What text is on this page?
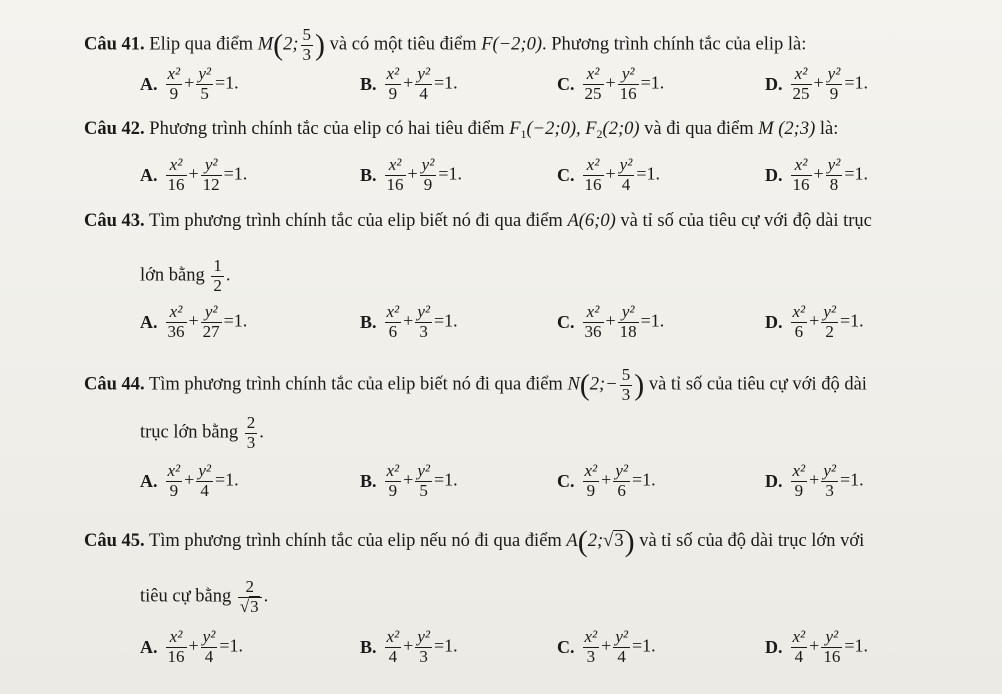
Câu 41. Elip qua điểm M(2; $\frac{5}{3}$ ) và có một tiêu điểm F(−2;0). Phương trình chính tắc của elip là:
A. $\frac{\text{x²}}{9} + \frac{\text{y²}}{5} =1$.	B. $\frac{\text{x²}}{9} + \frac{\text{y²}}{4} =1$.	C. $\frac{\text{x²}}{25} + \frac{\text{y²}}{16} =1$.	D. $\frac{\text{x²}}{25} + \frac{\text{y²}}{9} =1$.
Câu 42. Phương trình chính tắc của elip có hai tiêu điểm $F_1(-2;0)$, $F_2(2;0)$ và đi qua điểm M (2;3) là:
A. $\frac{\text{x²}}{16} + \frac{\text{y²}}{12} =1$.	B. $\frac{\text{x²}}{16} + \frac{\text{y²}}{9} =1$.	C. $\frac{\text{x²}}{16} + \frac{\text{y²}}{4} =1$.	D. $\frac{\text{x²}}{16} + \frac{\text{y²}}{8} =1$.
Câu 43. Tìm phương trình chính tắc của elip biết nó đi qua điểm A(6;0) và tỉ số của tiêu cự với độ dài trục
lớn bằng $\frac{1}{2}$ .
A. $\frac{\text{x²}}{36} + \frac{\text{y²}}{27} =1$.	B. $\frac{\text{x²}}{6} + \frac{\text{y²}}{3} =1$.	C. $\frac{\text{x²}}{36} + \frac{\text{y²}}{18} =1$.	D. $\frac{\text{x²}}{6} + \frac{\text{y²}}{2} =1$.
Câu 44. Tìm phương trình chính tắc của elip biết nó đi qua điểm N(2;− $\frac{5}{3}$ ) và tỉ số của tiêu cự với độ dài
trục lớn bằng $\frac{2}{3}$ .
A. $\frac{\text{x²}}{9} + \frac{\text{y²}}{4} =1$.	B. $\frac{\text{x²}}{9} + \frac{\text{y²}}{5} =1$.	C. $\frac{\text{x²}}{9} + \frac{\text{y²}}{6} =1$.	D. $\frac{\text{x²}}{9} + \frac{\text{y²}}{3} =1$.
Câu 45. Tìm phương trình chính tắc của elip nếu nó đi qua điểm A(2;√3) và tỉ số của độ dài trục lớn với
tiêu cự bằng $\frac{2}{√3}$ .
A. $\frac{\text{x²}}{16} + \frac{\text{y²}}{4} =1$.	B. $\frac{\text{x²}}{4} + \frac{\text{y²}}{3} =1$.	C. $\frac{\text{x²}}{3} + \frac{\text{y²}}{4} =1$.	D. $\frac{\text{x²}}{4} + \frac{\text{y²}}{16} =1$.
